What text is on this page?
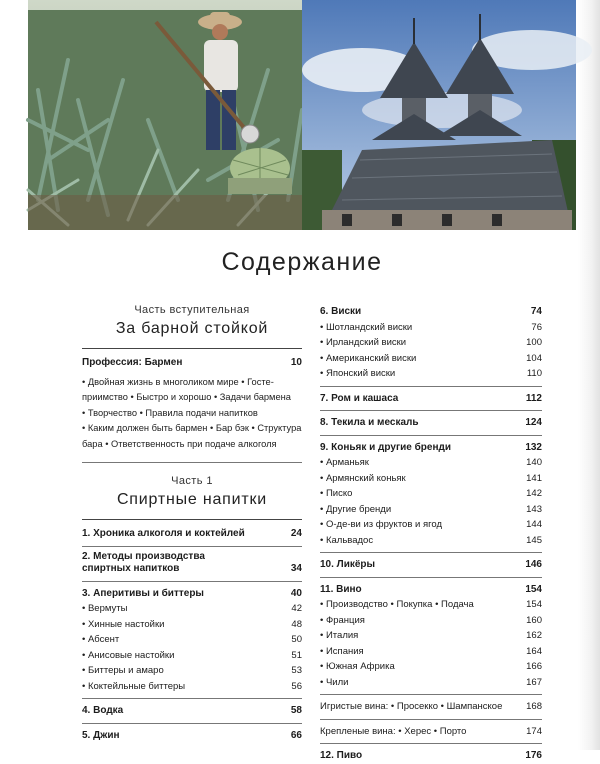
Содержание
Часть вступительная
За барной стойкой
Профессия: Бармен	10
• Двойная жизнь в многоликом мире • Госте-
приимство • Быстро и хорошо • Задачи бармена
• Творчество • Правила подачи напитков
• Каким должен быть бармен • Бар бэк • Структура
бара • Ответственность при подаче алкоголя
Часть 1
Спиртные напитки
1. Хроника алкоголя и коктейлей	24
2. Методы производства
спиртных напитков	34
3. Аперитивы и биттеры	40
• Вермуты	42
• Хинные настойки	48
• Абсент	50
• Анисовые настойки	51
• Биттеры и амаро	53
• Коктейльные биттеры	56
4. Водка	58
5. Джин	66
6. Виски	74
• Шотландский виски	76
• Ирландский виски	100
• Американский виски	104
• Японский виски	110
7. Ром и кашаса	112
8. Текила и мескаль	124
9. Коньяк и другие бренди	132
• Арманьяк	140
• Армянский коньяк	141
• Писко	142
• Другие бренди	143
• О-де-ви из фруктов и ягод	144
• Кальвадос	145
10. Ликёры	146
11. Вино	154
• Производство • Покупка • Подача	154
• Франция	160
• Италия	162
• Испания	164
• Южная Африка	166
• Чили	167
Игристые вина: • Просекко • Шампанское	168
Крепленые вина: • Херес • Порто	174
12. Пиво	176
